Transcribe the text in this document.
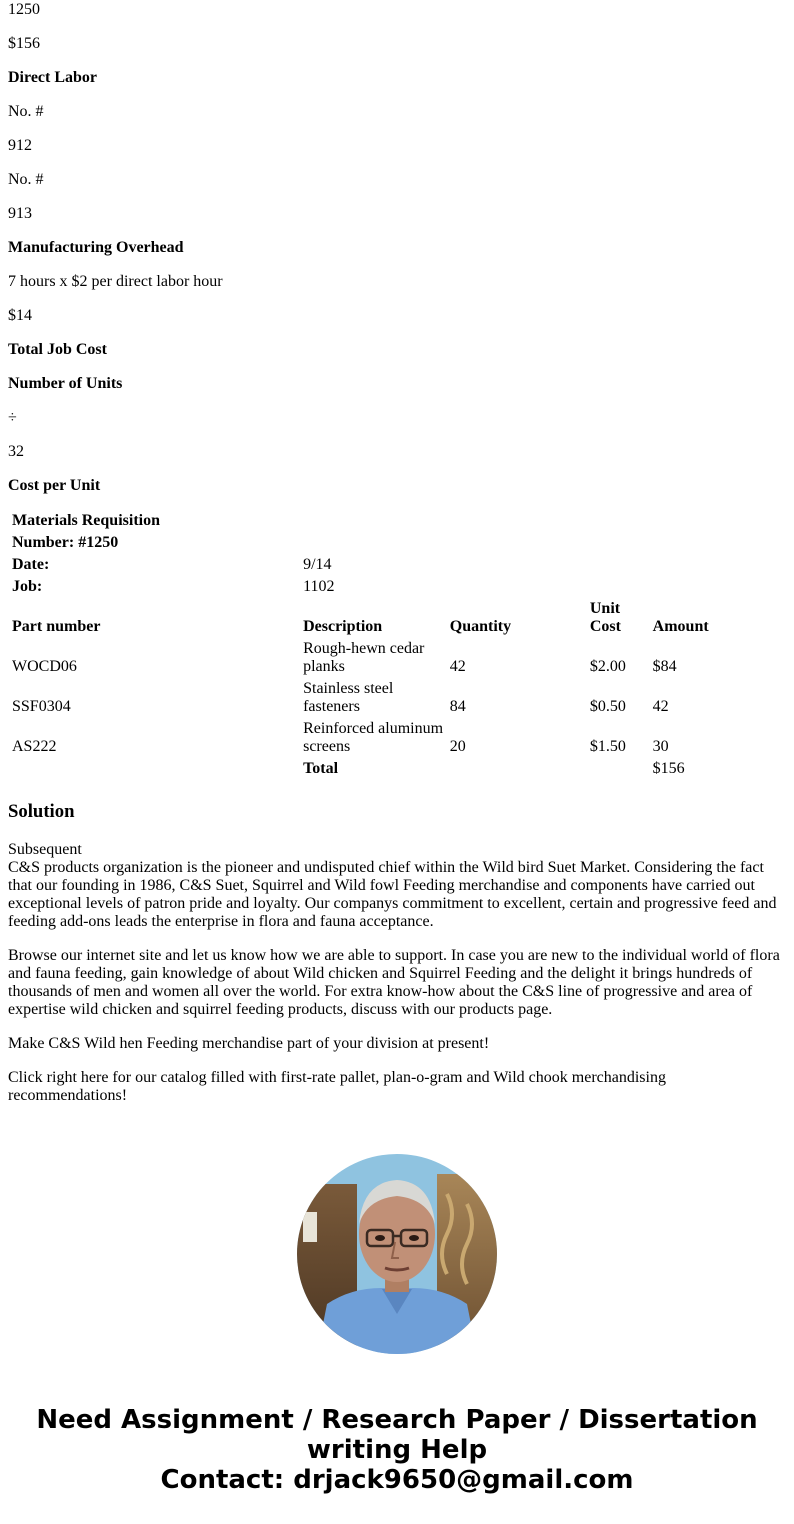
1250

$156

Direct Labor

No. #

912

No. #

913

Manufacturing Overhead

7 hours x $2 per direct labor hour

$14

Total Job Cost

Number of Units

÷

32

Cost per Unit

Materials Requisition				
Number: #1250				
Date:	9/14			
Job:	1102			
Part number	Description	Quantity	Unit Cost	Amount
WOCD06	Rough-hewn cedar planks	42	$2.00	$84
SSF0304	Stainless steel fasteners	84	$0.50	42
AS222	Reinforced aluminum screens	20	$1.50	30
	Total			$156
Solution
Subsequent
C&S products organization is the pioneer and undisputed chief within the Wild bird Suet Market. Considering the fact that our founding in 1986, C&S Suet, Squirrel and Wild fowl Feeding merchandise and components have carried out exceptional levels of patron pride and loyalty. Our companys commitment to excellent, certain and progressive feed and feeding add-ons leads the enterprise in flora and fauna acceptance.

Browse our internet site and let us know how we are able to support. In case you are new to the individual world of flora and fauna feeding, gain knowledge of about Wild chicken and Squirrel Feeding and the delight it brings hundreds of thousands of men and women all over the world. For extra know-how about the C&S line of progressive and area of expertise wild chicken and squirrel feeding products, discuss with our products page.

Make C&S Wild hen Feeding merchandise part of your division at present!

Click right here for our catalog filled with first-rate pallet, plan-o-gram and Wild chook merchandising recommendations!

Need Assignment / Research Paper / Dissertation writing Help
Contact: drjack9650@gmail.com
